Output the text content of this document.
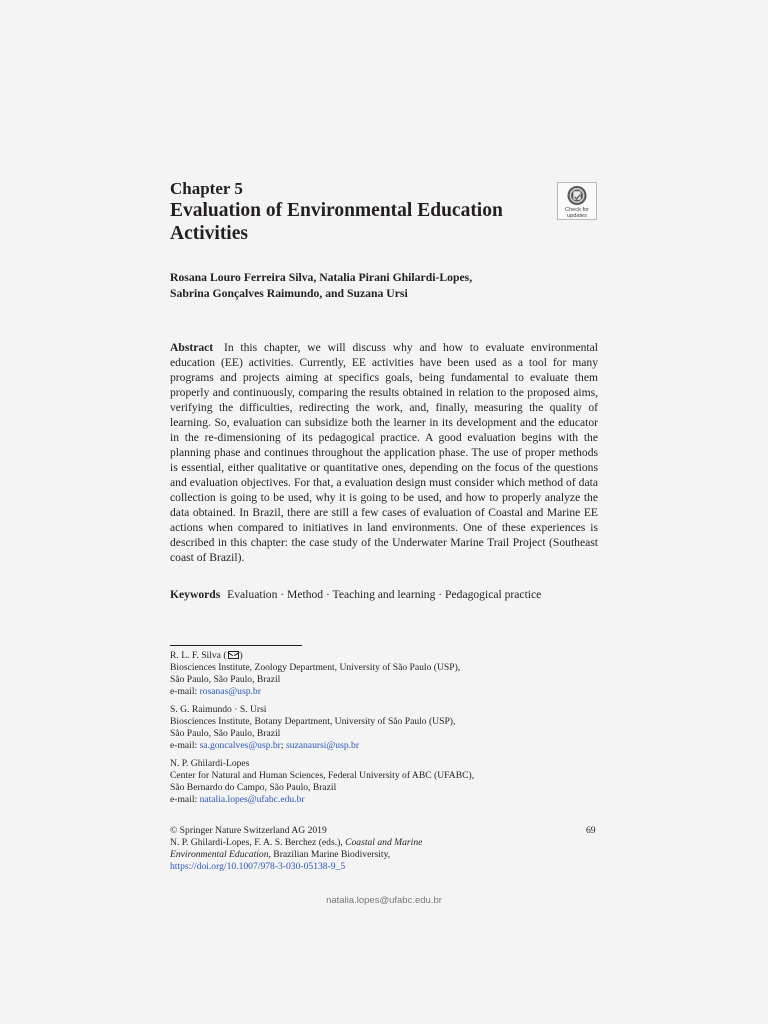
Chapter 5
Evaluation of Environmental Education Activities
Check for updates
Rosana Louro Ferreira Silva, Natalia Pirani Ghilardi-Lopes,
Sabrina Gonçalves Raimundo, and Suzana Ursi
Abstract In this chapter, we will discuss why and how to evaluate environmental education (EE) activities. Currently, EE activities have been used as a tool for many programs and projects aiming at specifics goals, being fundamental to evaluate them properly and continuously, comparing the results obtained in relation to the proposed aims, verifying the difficulties, redirecting the work, and, finally, measuring the quality of learning. So, evaluation can subsidize both the learner in its development and the educator in the re-dimensioning of its pedagogical practice. A good evaluation begins with the planning phase and continues throughout the application phase. The use of proper methods is essential, either qualitative or quantitative ones, depending on the focus of the questions and evaluation objectives. For that, a evaluation design must consider which method of data collection is going to be used, why it is going to be used, and how to properly analyze the data obtained. In Brazil, there are still a few cases of evaluation of Coastal and Marine EE actions when compared to initiatives in land environments. One of these experiences is described in this chapter: the case study of the Underwater Marine Trail Project (Southeast coast of Brazil).
Keywords Evaluation · Method · Teaching and learning · Pedagogical practice
R. L. F. Silva ( )
Biosciences Institute, Zoology Department, University of São Paulo (USP),
São Paulo, São Paulo, Brazil
e-mail: rosanas@usp.br
S. G. Raimundo · S. Ursi
Biosciences Institute, Botany Department, University of São Paulo (USP),
São Paulo, São Paulo, Brazil
e-mail: sa.goncalves@usp.br; suzanaursi@usp.br
N. P. Ghilardi-Lopes
Center for Natural and Human Sciences, Federal University of ABC (UFABC),
São Bernardo do Campo, São Paulo, Brazil
e-mail: natalia.lopes@ufabc.edu.br
© Springer Nature Switzerland AG 2019
N. P. Ghilardi-Lopes, F. A. S. Berchez (eds.), Coastal and Marine
Environmental Education, Brazilian Marine Biodiversity,
https://doi.org/10.1007/978-3-030-05138-9_5
69
natalia.lopes@ufabc.edu.br
